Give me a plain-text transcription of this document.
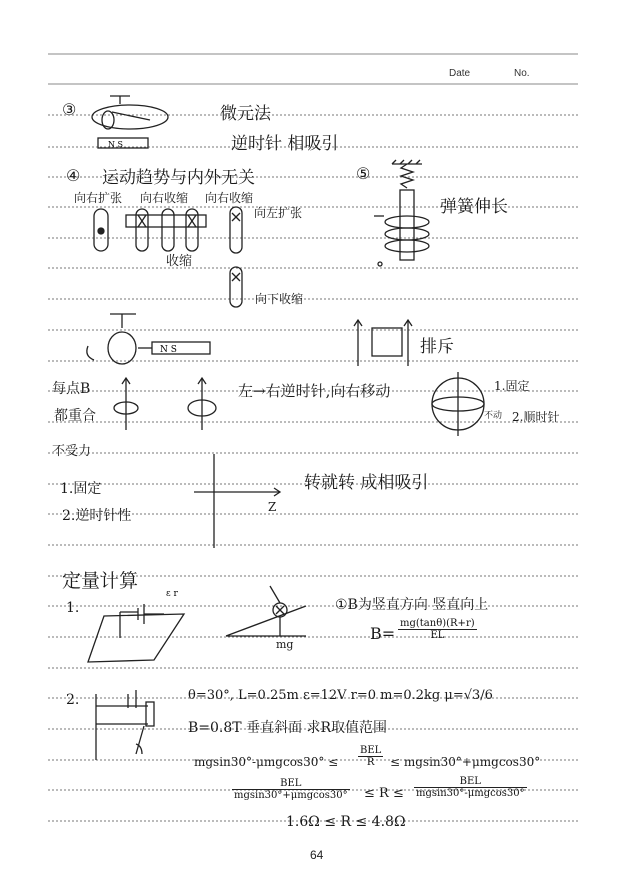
Date	No.
③
N S
微元法
逆时针 相吸引
④ 运动趋势与内外无关
向右扩张 向右收缩 向右收缩
向左扩张
收缩
向下收缩
⑤
弹簧伸长
N S	排斥
每点B
都重合
左→右逆时针,向右移动	1.固定
不动 2.顺时针
不受力
1.固定
2.逆时针性
Z
转就转 成相吸引
定量计算
1.
ε r
mg
①B为竖直方向 竖直向上
$B= \frac{mg(\tan\theta)(R+r)}{EL}$
2.	θ=30°, L=0.25m ε=12V r=0 m=0.2kg μ=√3/6
B=0.8T 垂直斜面 求R取值范围
mgsin30°-μmgcos30° ≤
BEL
R	≤ mgsin30°+μmgcos30°
BEL
mgsin30°+μmgcos30° ≤ R ≤
BEL
mgsin30°-μmgcos30°
1.6Ω ≤ R ≤ 4.8Ω
64
